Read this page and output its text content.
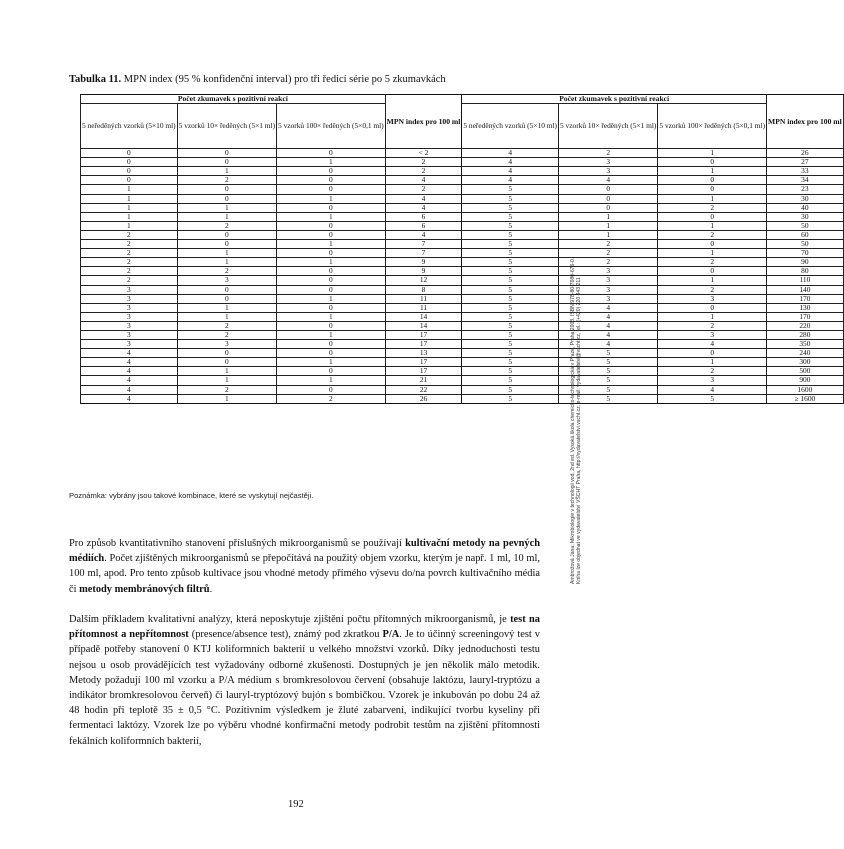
Tabulka 11. MPN index (95 % konfidenční interval) pro tři ředicí série po 5 zkumavkách
Počet zkumavek s pozitivní reakcí			MPN index pro 100 ml	Počet zkumavek s pozitivní reakcí			MPN index pro 100 ml
5 neředěných vzorků (5×10 ml)	5 vzorků 10× ředěných (5×1 ml)	5 vzorků 100× ředěných (5×0,1 ml)		5 neředěných vzorků (5×10 ml)	5 vzorků 10× ředěných (5×1 ml)	5 vzorků 100× ředěných (5×0,1 ml)	
0	0	0	< 2	4	2	1	26
0	0	1	2	4	3	0	27
0	1	0	2	4	3	1	33
0	2	0	4	4	4	0	34
1	0	0	2	5	0	0	23
1	0	1	4	5	0	1	30
1	1	0	4	5	0	2	40
1	1	1	6	5	1	0	30
1	2	0	6	5	1	1	50
2	0	0	4	5	1	2	60
2	0	1	7	5	2	0	50
2	1	0	7	5	2	1	70
2	1	1	9	5	2	2	90
2	2	0	9	5	3	0	80
2	3	0	12	5	3	1	110
3	0	0	8	5	3	2	140
3	0	1	11	5	3	3	170
3	1	0	11	5	4	0	130
3	1	1	14	5	4	1	170
3	2	0	14	5	4	2	220
3	2	1	17	5	4	3	280
3	3	0	17	5	4	4	350
4	0	0	13	5	5	0	240
4	0	1	17	5	5	1	300
4	1	0	17	5	5	2	500
4	1	1	21	5	5	3	900
4	2	0	22	5	5	4	1600
4	1	2	26	5	5	5	≥ 1600
Poznámka: vybrány jsou takové kombinace, které se vyskytují nejčastěji.

Pro způsob kvantitativního stanovení příslušných mikroorganismů se používají kultivační metody na pevných médiích. Počet zjištěných mikroorganismů se přepočítává na použitý objem vzorku, kterým je např. 1 ml, 10 ml, 100 ml, apod. Pro tento způsob kultivace jsou vhodné metody přímého výsevu do/na povrch kultivačního média či metody membránových filtrů.

Dalším příkladem kvalitativní analýzy, která neposkytuje zjištění počtu přítomných mikroorganismů, je test na přítomnost a nepřítomnost (presence/absence test), známý pod zkratkou P/A. Je to účinný screeningový test v případě potřeby stanovení 0 KTJ koliformních bakterií u velkého množství vzorků. Díky jednoduchosti testu nejsou u osob provádějících test vyžadovány odborné zkušenosti. Dostupných je jen několik málo metodik. Metody požadují 100 ml vzorku a P/A médium s bromkresolovou červení (obsahuje laktózu, lauryl-tryptózu a indikátor bromkresolovou červeň) či lauryl-tryptózový bujón s bombičkou. Vzorek je inkubován po dobu 24 až 48 hodin při teplotě 35 ± 0,5 °C. Pozitivním výsledkem je žluté zabarvení, indikující tvorbu kyseliny při fermentaci laktózy. Vzorek lze po výběru vhodné konfirmační metody podrobit testům na zjištění přítomnosti fekálních koliformních bakterií,

192
Ambrožová Jana: Mikrobiologie v technologii vod. 2nd ed. Vysoká škola chemicko-technologická v Praze, Praha 2008. ISBN 978-80-7080-676-0. Kniha lze objednat ve vydavatelství VŠCHT Praha, http://vydavatelstvi.vscht.cz, e-mail: vydavatelstvi@vscht.cz, tel.: (+420) 220 443 211
